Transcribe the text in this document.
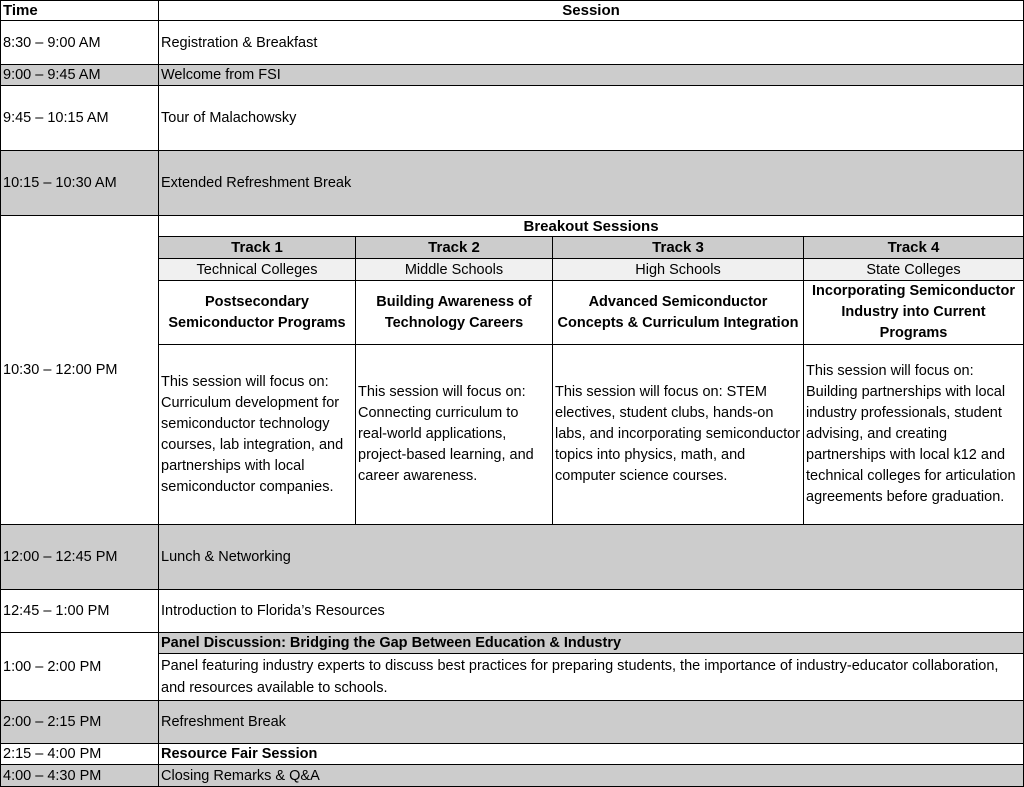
Time	Session			
8:30 – 9:00 AM	Registration & Breakfast			
9:00 – 9:45 AM	Welcome from FSI			
9:45 – 10:15 AM	Tour of Malachowsky			
10:15 – 10:30 AM	Extended Refreshment Break			
10:30 – 12:00 PM	Breakout Sessions			
	Track 1	Track 2	Track 3	Track 4
	Technical Colleges	Middle Schools	High Schools	State Colleges
	Postsecondary Semiconductor Programs	Building Awareness of Technology Careers	Advanced Semiconductor Concepts & Curriculum Integration	Incorporating Semiconductor Industry into Current Programs
	This session will focus on: Curriculum development for semiconductor technology courses, lab integration, and partnerships with local semiconductor companies.	This session will focus on: Connecting curriculum to real-world applications, project-based learning, and career awareness.	This session will focus on: STEM electives, student clubs, hands-on labs, and incorporating semiconductor topics into physics, math, and computer science courses.	This session will focus on: Building partnerships with local industry professionals, student advising, and creating partnerships with local k12 and technical colleges for articulation agreements before graduation.
12:00 – 12:45 PM	Lunch & Networking			
12:45 – 1:00 PM	Introduction to Florida’s Resources			
1:00 – 2:00 PM	Panel Discussion: Bridging the Gap Between Education & Industry			
	Panel featuring industry experts to discuss best practices for preparing students, the importance of industry-educator collaboration, and resources available to schools.			
2:00 – 2:15 PM	Refreshment Break			
2:15 – 4:00 PM	Resource Fair Session			
4:00 – 4:30 PM	Closing Remarks & Q&A			
